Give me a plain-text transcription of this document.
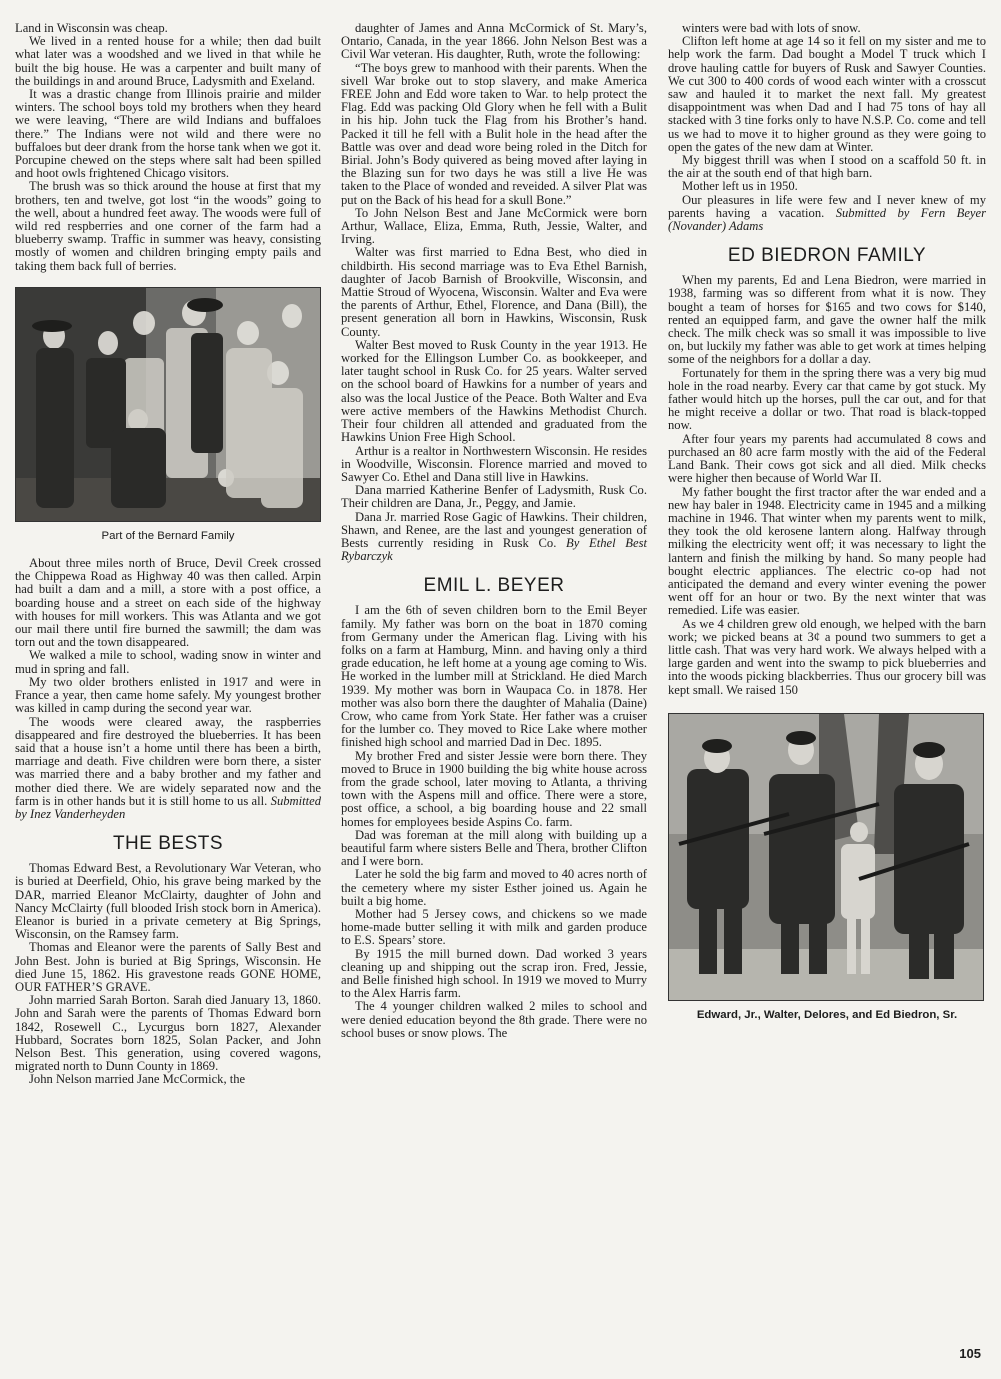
Land in Wisconsin was cheap.

We lived in a rented house for a while; then dad built what later was a woodshed and we lived in that while he built the big house. He was a carpenter and built many of the buildings in and around Bruce, Ladysmith and Exeland.

It was a drastic change from Illinois prairie and milder winters. The school boys told my brothers when they heard we were leaving, “There are wild Indians and buffaloes there.” The Indians were not wild and there were no buffaloes but deer drank from the horse tank when we got it. Porcupine chewed on the steps where salt had been spilled and hoot owls frightened Chicago visitors.

The brush was so thick around the house at first that my brothers, ten and twelve, got lost “in the woods” going to the well, about a hundred feet away. The woods were full of wild red respberries and one corner of the farm had a blueberry swamp. Traffic in summer was heavy, consisting mostly of women and children bringing empty pails and taking them back full of berries.

Part of the Bernard Family

About three miles north of Bruce, Devil Creek crossed the Chippewa Road as Highway 40 was then called. Arpin had built a dam and a mill, a store with a post office, a boarding house and a street on each side of the highway with houses for mill workers. This was Atlanta and we got our mail there until fire burned the sawmill; the dam was torn out and the town disappeared.

We walked a mile to school, wading snow in winter and mud in spring and fall.

My two older brothers enlisted in 1917 and were in France a year, then came home safely. My youngest brother was killed in camp during the second year war.

The woods were cleared away, the raspberries disappeared and fire destroyed the blueberries. It has been said that a house isn’t a home until there has been a birth, marriage and death. Five children were born there, a sister was married there and a baby brother and my father and mother died there. We are widely separated now and the farm is in other hands but it is still home to us all. Submitted by Inez Vanderheyden

THE BESTS

Thomas Edward Best, a Revolutionary War Veteran, who is buried at Deerfield, Ohio, his grave being marked by the DAR, married Eleanor McClairty, daughter of John and Nancy McClairty (full blooded Irish stock born in America). Eleanor is buried in a private cemetery at Big Springs, Wisconsin, on the Ramsey farm.

Thomas and Eleanor were the parents of Sally Best and John Best. John is buried at Big Springs, Wisconsin. He died June 15, 1862. His gravestone reads GONE HOME, OUR FATHER’S GRAVE.

John married Sarah Borton. Sarah died January 13, 1860. John and Sarah were the parents of Thomas Edward born 1842, Rosewell C., Lycurgus born 1827, Alexander Hubbard, Socrates born 1825, Solan Packer, and John Nelson Best. This generation, using covered wagons, migrated north to Dunn County in 1869.

John Nelson married Jane McCormick, the

daughter of James and Anna McCormick of St. Mary’s, Ontario, Canada, in the year 1866. John Nelson Best was a Civil War veteran. His daughter, Ruth, wrote the following:

“The boys grew to manhood with their parents. When the sivell War broke out to stop slavery, and make America FREE John and Edd wore taken to War. to help protect the Flag. Edd was packing Old Glory when he fell with a Bulit in his hip. John tuck the Flag from his Brother’s hand. Packed it till he fell with a Bulit hole in the head after the Battle was over and dead wore being roled in the Ditch for Birial. John’s Body quivered as being moved after laying in the Blazing sun for two days he was still a live He was taken to the Place of wonded and reveided. A silver Plat was put on the Back of his head for a skull Bone.”

To John Nelson Best and Jane McCormick were born Arthur, Wallace, Eliza, Emma, Ruth, Jessie, Walter, and Irving.

Walter was first married to Edna Best, who died in childbirth. His second marriage was to Eva Ethel Barnish, daughter of Jacob Barnish of Brookville, Wisconsin, and Mattie Stroud of Wyocena, Wisconsin. Walter and Eva were the parents of Arthur, Ethel, Florence, and Dana (Bill), the present generation all born in Hawkins, Wisconsin, Rusk County.

Walter Best moved to Rusk County in the year 1913. He worked for the Ellingson Lumber Co. as bookkeeper, and later taught school in Rusk Co. for 25 years. Walter served on the school board of Hawkins for a number of years and also was the local Justice of the Peace. Both Walter and Eva were active members of the Hawkins Methodist Church. Their four children all attended and graduated from the Hawkins Union Free High School.

Arthur is a realtor in Northwestern Wisconsin. He resides in Woodville, Wisconsin. Florence married and moved to Sawyer Co. Ethel and Dana still live in Hawkins.

Dana married Katherine Benfer of Ladysmith, Rusk Co. Their children are Dana, Jr., Peggy, and Jamie.

Dana Jr. married Rose Gagic of Hawkins. Their children, Shawn, and Renee, are the last and youngest generation of Bests currently residing in Rusk Co. By Ethel Best Rybarczyk

EMIL L. BEYER

I am the 6th of seven children born to the Emil Beyer family. My father was born on the boat in 1870 coming from Germany under the American flag. Living with his folks on a farm at Hamburg, Minn. and having only a third grade education, he left home at a young age coming to Wis. He worked in the lumber mill at Strickland. He died March 1939. My mother was born in Waupaca Co. in 1878. Her mother was also born there the daughter of Mahalia (Daine) Crow, who came from York State. Her father was a cruiser for the lumber co. They moved to Rice Lake where mother finished high school and married Dad in Dec. 1895.

My brother Fred and sister Jessie were born there. They moved to Bruce in 1900 building the big white house across from the grade school, later moving to Atlanta, a thriving town with the Aspens mill and office. There were a store, post office, a school, a big boarding house and 22 small homes for employees beside Aspins Co. farm.

Dad was foreman at the mill along with building up a beautiful farm where sisters Belle and Thera, brother Clifton and I were born.

Later he sold the big farm and moved to 40 acres north of the cemetery where my sister Esther joined us. Again he built a big home.

Mother had 5 Jersey cows, and chickens so we made home-made butter selling it with milk and garden produce to E.S. Spears’ store.

By 1915 the mill burned down. Dad worked 3 years cleaning up and shipping out the scrap iron. Fred, Jessie, and Belle finished high school. In 1919 we moved to Murry to the Alex Harris farm.

The 4 younger children walked 2 miles to school and were denied education beyond the 8th grade. There were no school buses or snow plows. The

winters were bad with lots of snow.

Clifton left home at age 14 so it fell on my sister and me to help work the farm. Dad bought a Model T truck which I drove hauling cattle for buyers of Rusk and Sawyer Counties. We cut 300 to 400 cords of wood each winter with a crosscut saw and hauled it to market the next fall. My greatest disappointment was when Dad and I had 75 tons of hay all stacked with 3 tine forks only to have N.S.P. Co. come and tell us we had to move it to higher ground as they were going to open the gates of the new dam at Winter.

My biggest thrill was when I stood on a scaffold 50 ft. in the air at the south end of that high barn.

Mother left us in 1950.

Our pleasures in life were few and I never knew of my parents having a vacation. Submitted by Fern Beyer (Novander) Adams

ED BIEDRON FAMILY

When my parents, Ed and Lena Biedron, were married in 1938, farming was so different from what it is now. They bought a team of horses for $165 and two cows for $140, rented an equipped farm, and gave the owner half the milk check. The milk check was so small it was impossible to live on, but luckily my father was able to get work at times helping some of the neighbors for a dollar a day.

Fortunately for them in the spring there was a very big mud hole in the road nearby. Every car that came by got stuck. My father would hitch up the horses, pull the car out, and for that he might receive a dollar or two. That road is black-topped now.

After four years my parents had accumulated 8 cows and purchased an 80 acre farm mostly with the aid of the Federal Land Bank. Their cows got sick and all died. Milk checks were higher then because of World War II.

My father bought the first tractor after the war ended and a new hay baler in 1948. Electricity came in 1945 and a milking machine in 1946. That winter when my parents went to milk, they took the old kerosene lantern along. Halfway through milking the electricity went off; it was necessary to light the lantern and finish the milking by hand. So many people had bought electric appliances. The electric co-op had not anticipated the demand and every winter evening the power went off for an hour or two. By the next winter that was remedied. Life was easier.

As we 4 children grew old enough, we helped with the barn work; we picked beans at 3¢ a pound two summers to get a little cash. That was very hard work. We always helped with a large garden and went into the swamp to pick blueberries and into the woods picking blackberries. Thus our grocery bill was kept small. We raised 150

Edward, Jr., Walter, Delores, and Ed Biedron, Sr.
105
